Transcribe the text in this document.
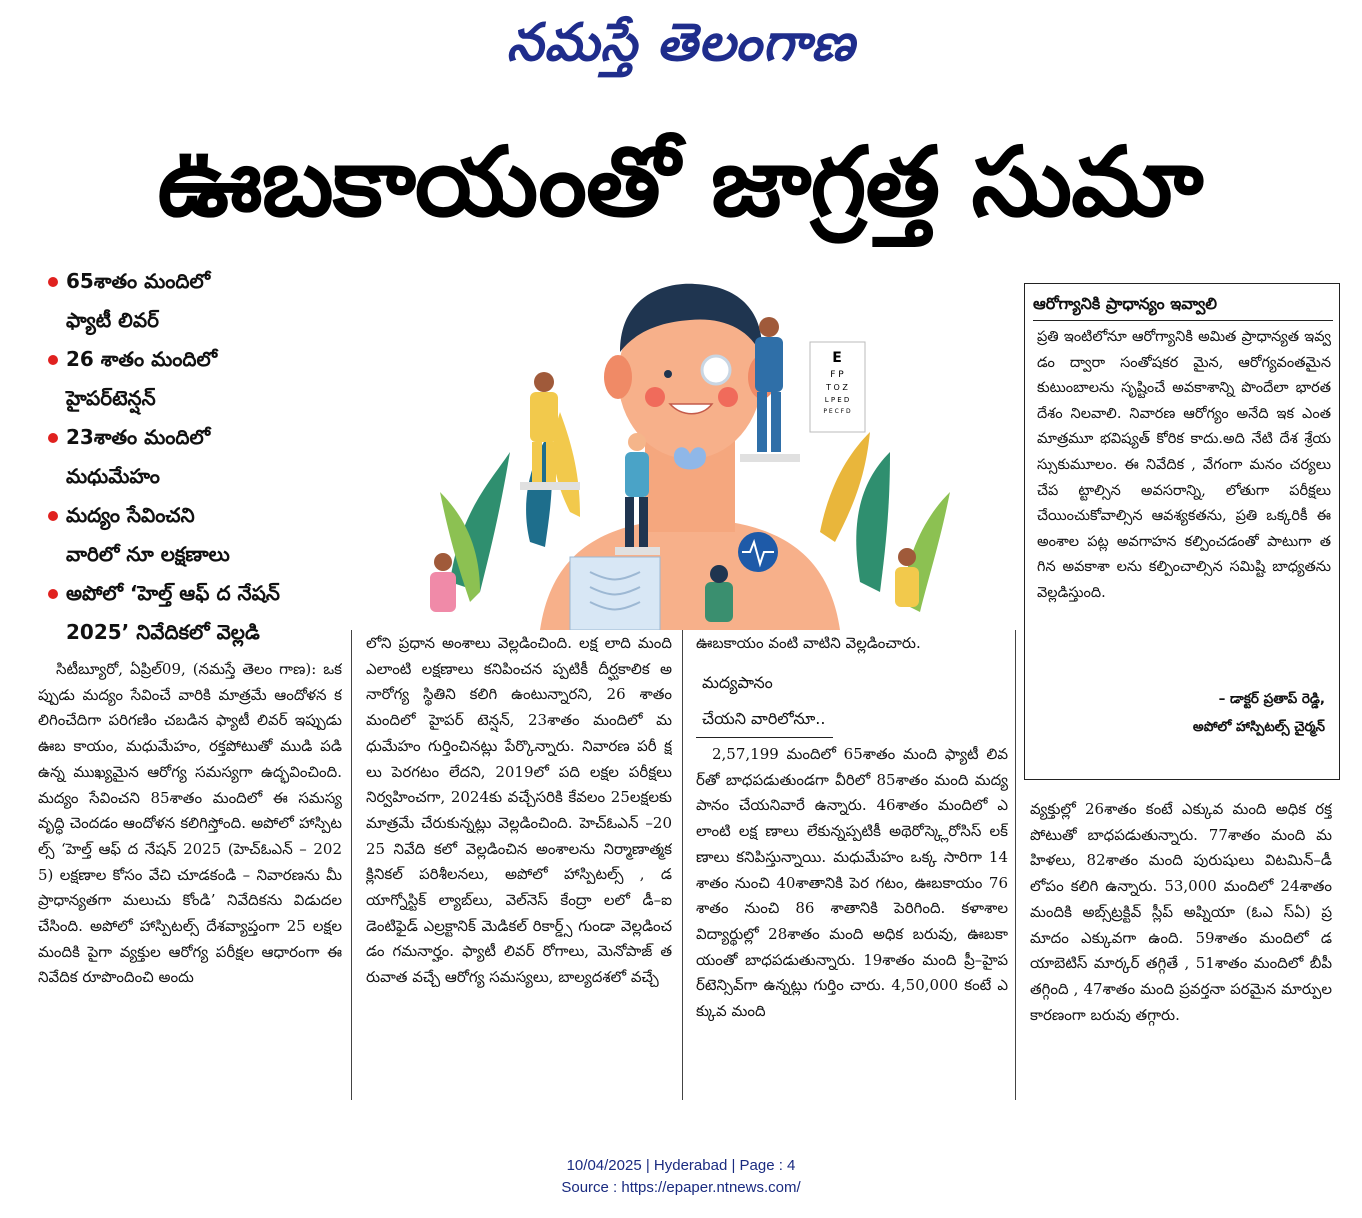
నమస్తే తెలంగాణ
ఊబకాయంతో జాగ్రత్త సుమా
65శాతం మందిలో
ఫ్యాటీ లివర్
26 శాతం మందిలో
హైపర్‌టెన్షన్
23శాతం మందిలో
మధుమేహం
మద్యం సేవించని
వారిలో నూ లక్షణాలు
అపోలో ‘హెల్త్‌ ఆఫ్‌ ద నేషన్‌
2025’ నివేదికలో వెల్లడి
E
F P
T O Z
L P E D
P E C F D
సిటీబ్యూరో, ఏప్రిల్‌09, (నమస్తే తెలం గాణ): ఒకప్పుడు మద్యం సేవించే వారికి మాత్రమే ఆందోళన కలిగించేదిగా పరిగణిం చబడిన ఫ్యాటీ లివర్‌ ఇప్పుడు ఊబ కాయం, మధుమేహం, రక్తపోటుతో ముడి పడి ఉన్న ముఖ్యమైన ఆరోగ్య సమస్యగా ఉద్భవించింది. మద్యం సేవించని 85శాతం మందిలో ఈ సమస్య వృద్ధి చెందడం ఆందోళన కలిగిస్తోంది. అపోలో హాస్పిటల్స్‌ ‘హెల్త్‌ ఆఫ్‌ ద నేషన్‌ 2025 (హెచ్‌ఓఎన్‌ – 2025) లక్షణాల కోసం వేచి చూడకండి – నివారణను మీ ప్రాధాన్యతగా మలుచు కోండి’ నివేదికను విడుదల చేసింది. అపోలో హాస్పిటల్స్‌ దేశవ్యాప్తంగా 25 లక్షల మందికి పైగా వ్యక్తుల ఆరోగ్య పరీక్షల ఆధారంగా ఈ నివేదిక రూపొందించి అందు
లోని ప్రధాన అంశాలు వెల్లడించింది. లక్ష లాది మంది ఎలాంటి లక్షణాలు కనిపించన ప్పటికీ దీర్ఘకాలిక అనారోగ్య స్థితిని కలిగి ఉంటున్నారని, 26 శాతం మందిలో హైపర్‌ టెన్షన్‌, 23శాతం మందిలో మధుమేహం గుర్తించినట్లు పేర్కొన్నారు. నివారణ పరీ క్షలు పెరగటం లేదని, 2019లో పది లక్షల పరీక్షలు నిర్వహించగా, 2024కు వచ్చేసరికి కేవలం 25లక్షలకు మాత్రమే చేరుకున్నట్లు వెల్లడించింది. హెచ్‌ఓఎన్‌ –2025 నివేది కలో వెల్లడించిన అంశాలను నిర్మాణాత్మక క్లినికల్‌ పరిశీలనలు, అపోలో హాస్పిటల్స్‌ , డయాగ్నోస్టిక్‌ ల్యాబ్‌లు, వెల్‌నెస్‌ కేంద్రా లలో డీ–ఐడెంటిఫైడ్‌ ఎల్రక్టానిక్‌ మెడికల్‌ రికార్డ్స్‌ గుండా వెల్లడించడం గమనార్హం. ఫ్యాటీ లివర్‌ రోగాలు, మెనోపాజ్‌ తరువాత వచ్చే ఆరోగ్య సమస్యలు, బాల్యదశలో వచ్చే
ఊబకాయం వంటి వాటిని వెల్లడించారు.
మద్యపానం
చేయని వారిలోనూ..
2,57,199 మందిలో 65శాతం మంది ఫ్యాటీ లివర్‌తో బాధపడుతుండగా వీరిలో 85శాతం మంది మద్యపానం చేయనివారే ఉన్నారు. 46శాతం మందిలో ఎలాంటి లక్ష ణాలు లేకున్నప్పటికీ అథెరోస్క్లెరోసిస్‌ లక్ ణాలు కనిపిస్తున్నాయి. మధుమేహం ఒక్క సారిగా 14శాతం నుంచి 40శాతానికి పెర గటం, ఊబకాయం 76శాతం నుంచి 86 శాతానికి పెరిగింది. కళాశాల విద్యార్థుల్లో 28శాతం మంది అధిక బరువు, ఊబకా యంతో బాధపడుతున్నారు. 19శాతం మంది ప్రీ–హైపర్‌టెన్సివ్‌గా ఉన్నట్లు గుర్తిం చారు. 4,50,000 కంటే ఎక్కువ మంది
వ్యక్తుల్లో 26శాతం కంటే ఎక్కువ మంది అధిక రక్తపోటుతో బాధపడుతున్నారు. 77శాతం మంది మహిళలు, 82శాతం మంది పురుషులు విటమిన్‌–డీ లోపం కలిగి ఉన్నారు. 53,000 మందిలో 24శాతం మందికి అబ్స్‌ట్రక్టివ్‌ స్లీప్‌ అప్నియా (ఓఎ స్‌ఏ) ప్రమాదం ఎక్కువగా ఉంది. 59శాతం మందిలో డయాబెటిస్‌ మార్కర్‌ తగ్గితే , 51శాతం మందిలో బీపీ తగ్గింది , 47శాతం మంది ప్రవర్తనా పరమైన మార్పుల కారణంగా బరువు తగ్గారు.
ఆరోగ్యానికి ప్రాధాన్యం ఇవ్వాలి
ప్రతి ఇంటిలోనూ ఆరోగ్యానికి అమిత ప్రాధాన్యత ఇవ్వడం ద్వారా సంతోషకర మైన, ఆరోగ్యవంతమైన కుటుంబాలను సృష్టించే అవకాశాన్ని పొందేలా భారత దేశం నిలవాలి. నివారణ ఆరోగ్యం అనేది ఇక ఎంతమాత్రమూ భవిష్యత్‌ కోరిక కాదు.అది నేటి దేశ శ్రేయస్సుకుమూలం. ఈ నివేదిక , వేగంగా మనం చర్యలు చేప ట్టాల్సిన అవసరాన్ని, లోతుగా పరీక్షలు చేయించుకోవాల్సిన ఆవశ్యకతను, ప్రతి ఒక్కరికీ ఈ అంశాల పట్ల అవగాహన కల్పించడంతో పాటుగా తగిన అవకాశా లను కల్పించాల్సిన సమిష్టి బాధ్యతను వెల్లడిస్తుంది.
– డాక్టర్‌ ప్రతాప్‌ రెడ్డి,
అపోలో హాస్పిటల్స్‌ చైర్మన్‌
10/04/2025 | Hyderabad | Page : 4
Source : https://epaper.ntnews.com/
